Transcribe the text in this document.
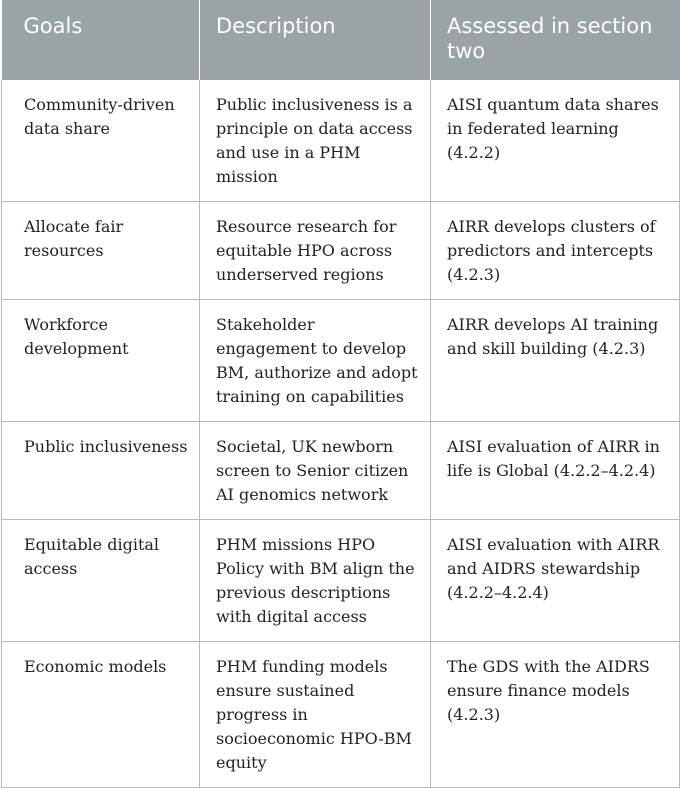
Goals	Description	Assessed in section two
Community-driven data share	Public inclusiveness is a principle on data access and use in a PHM mission	AISI quantum data shares in federated learning (4.2.2)
Allocate fair resources	Resource research for equitable HPO across underserved regions	AIRR develops clusters of predictors and intercepts (4.2.3)
Workforce development	Stakeholder engagement to develop BM, authorize and adopt training on capabilities	AIRR develops AI training and skill building (4.2.3)
Public inclusiveness	Societal, UK newborn screen to Senior citizen AI genomics network	AISI evaluation of AIRR in life is Global (4.2.2–4.2.4)
Equitable digital access	PHM missions HPO Policy with BM align the previous descriptions with digital access	AISI evaluation with AIRR and AIDRS stewardship (4.2.2–4.2.4)
Economic models	PHM funding models ensure sustained progress in socioeconomic HPO-BM equity	The GDS with the AIDRS ensure finance models (4.2.3)
